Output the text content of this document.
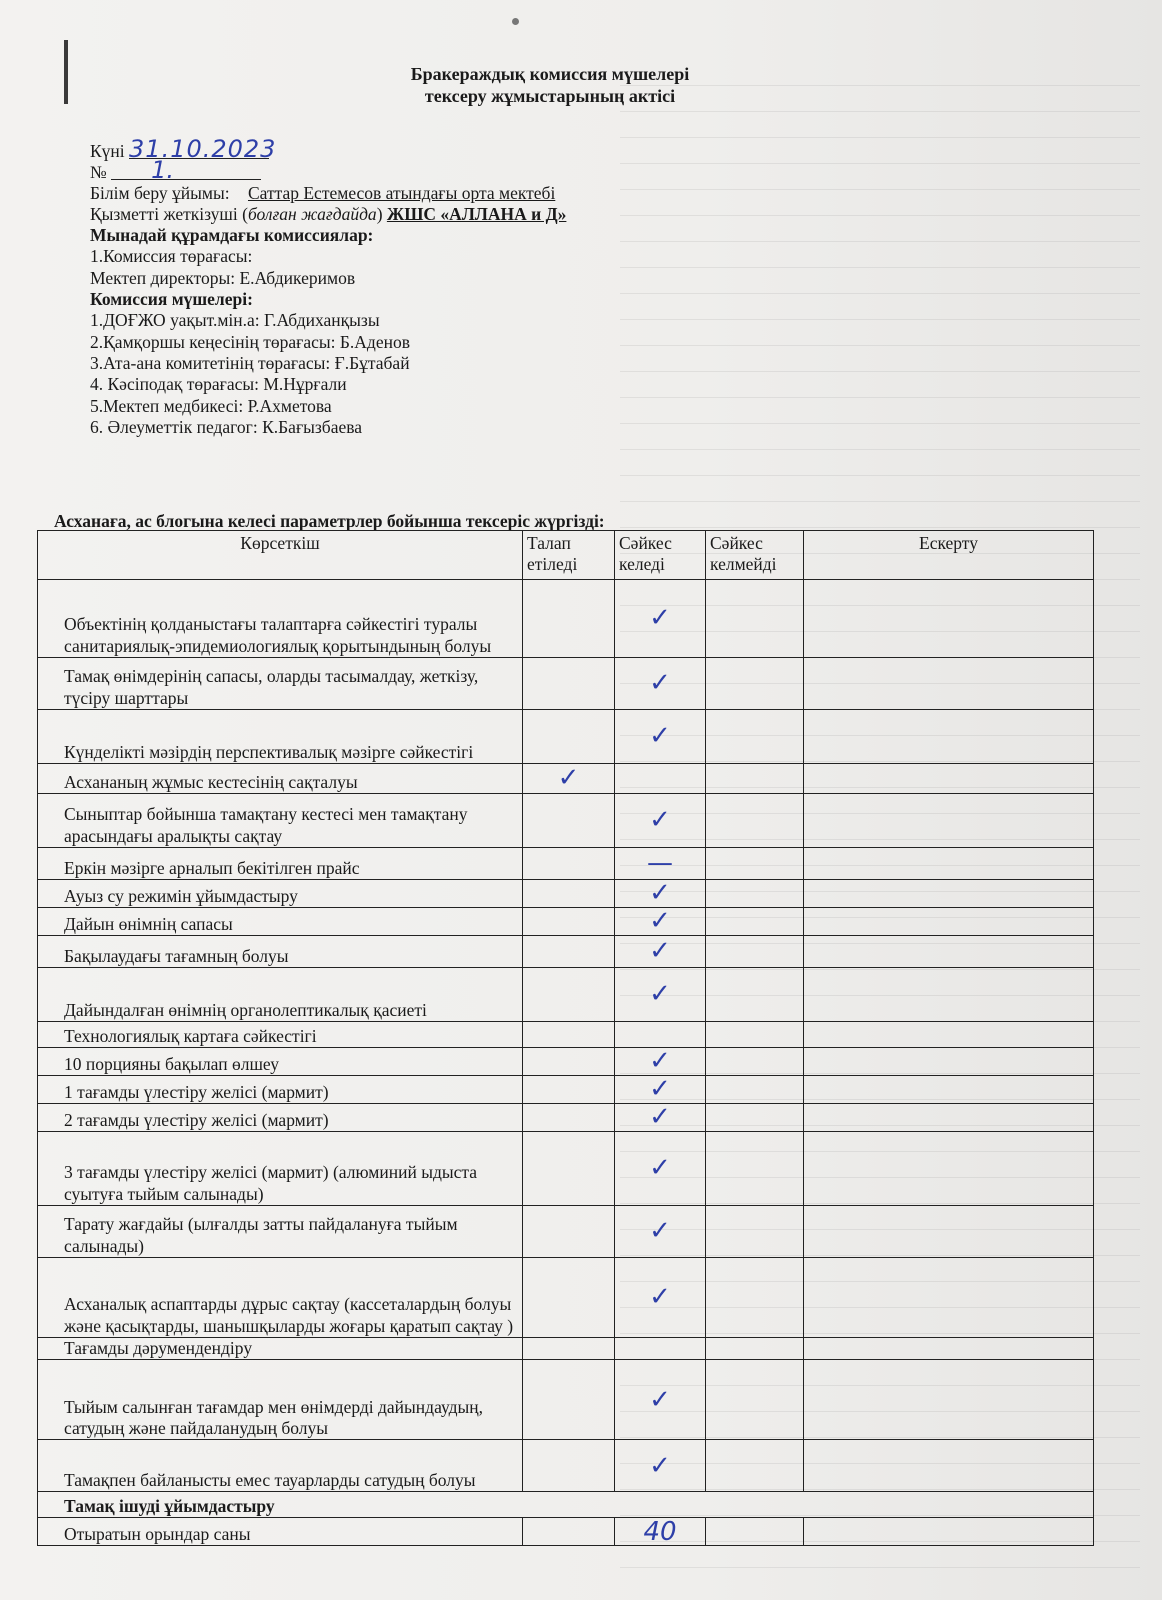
Бракераждық комиссия мүшелері
тексеру жұмыстарының актісі
Күні 31.10.2023
№ 1.
Білім беру ұйымы: Саттар Естемесов атындағы орта мектебі
Қызметті жеткізуші (болған жағдайда) ЖШС «АЛЛАНА и Д»
Мынадай құрамдағы комиссиялар:
1.Комиссия төрағасы:
Мектеп директоры: Е.Абдикеримов
Комиссия мүшелері:
1.ДОҒЖО уақыт.мін.а: Г.Абдиханқызы
2.Қамқоршы кеңесінің төрағасы: Б.Аденов
3.Ата-ана комитетінің төрағасы: Ғ.Бұтабай
4. Кәсіподақ төрағасы: М.Нұрғали
5.Мектеп медбикесі: Р.Ахметова
6. Әлеуметтік педагог: К.Бағызбаева
Асханаға, ас блогына келесі параметрлер бойынша тексеріс жүргізді:
Көрсеткіш	Талап етіледі	Сәйкес келеді	Сәйкес келмейді	Ескерту
Объектінің қолданыстағы талаптарға сәйкестігі туралы санитариялық-эпидемиологиялық қорытындының болуы		✓		
Тамақ өнімдерінің сапасы, оларды тасымалдау, жеткізу, түсіру шарттары		✓		
Күнделікті мәзірдің перспективалық мәзірге сәйкестігі		✓		
Асхананың жұмыс кестесінің сақталуы	✓			
Сыныптар бойынша тамақтану кестесі мен тамақтану арасындағы аралықты сақтау		✓		
Еркін мәзірге арналып бекітілген прайс		—		
Ауыз су режимін ұйымдастыру		✓		
Дайын өнімнің сапасы		✓		
Бақылаудағы тағамның болуы		✓		
Дайындалған өнімнің органолептикалық қасиеті		✓		
Технологиялық картаға сәйкестігі				
10 порцияны бақылап өлшеу		✓		
1 тағамды үлестіру желісі (мармит)		✓		
2 тағамды үлестіру желісі (мармит)		✓		
3 тағамды үлестіру желісі (мармит) (алюминий ыдыста суытуға тыйым салынады)		✓		
Тарату жағдайы (ылғалды затты пайдалануға тыйым салынады)		✓		
Асханалық аспаптарды дұрыс сақтау (кассеталардың болуы және қасықтарды, шанышқыларды жоғары қаратып сақтау )		✓		
Тағамды дәрумендендіру				
Тыйым салынған тағамдар мен өнімдерді дайындаудың, сатудың және пайдаланудың болуы		✓		
Тамақпен байланысты емес тауарларды сатудың болуы		✓		
Тамақ ішуді ұйымдастыру				
Отыратын орындар саны		40		
